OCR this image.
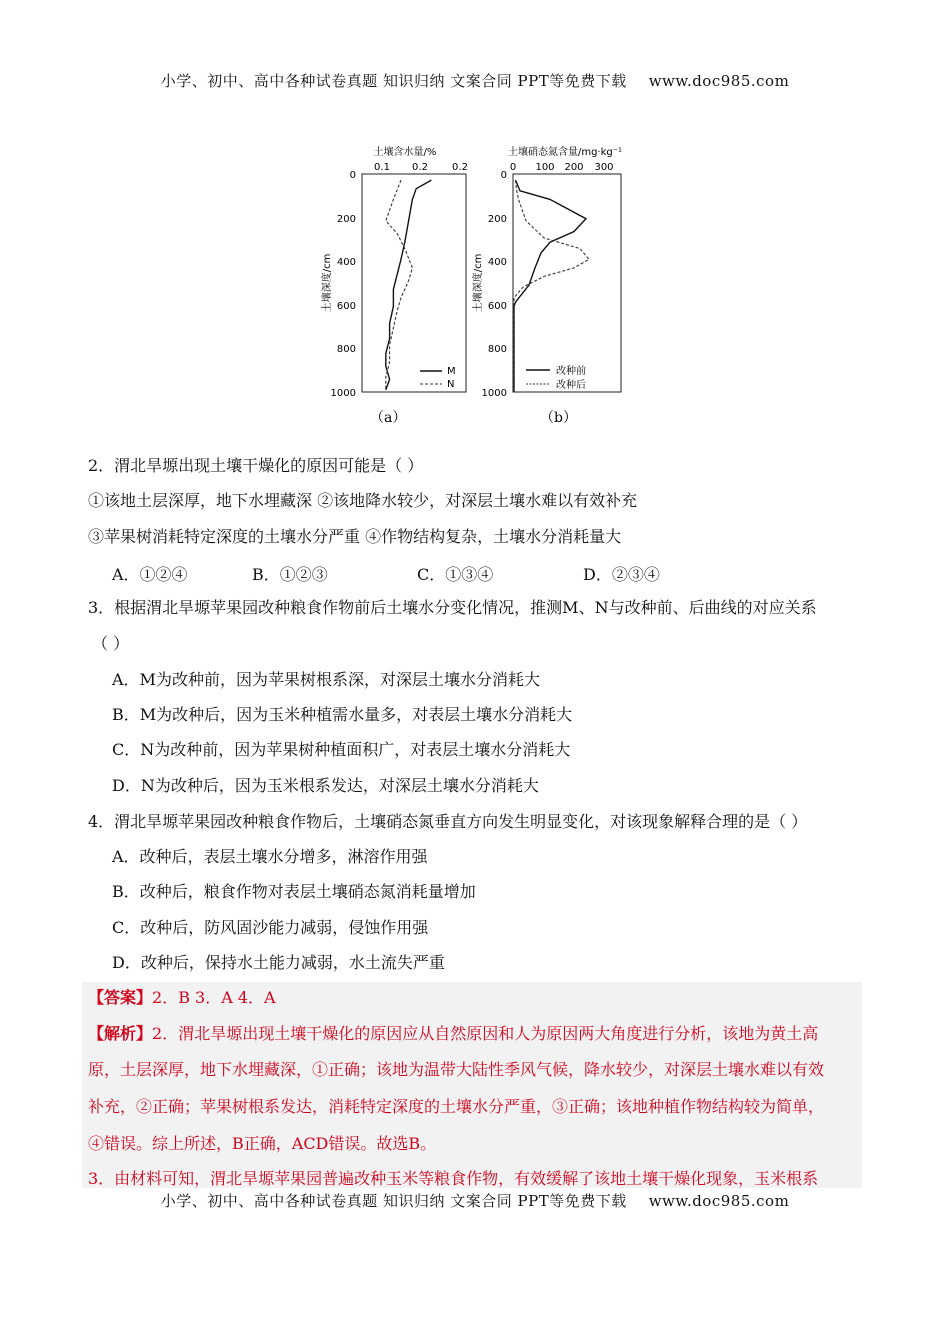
小学、初中、高中各种试卷真题 知识归纳 文案合同 PPT等免费下载 www.doc985.com
土壤含水量/%
0.1 0.2 0.2
0
200
400
600
800
1000
土壤深度/cm
M
N
（a）
土壤硝态氮含量/mg·kg⁻¹
0 100 200 300
0
200
400
600
800
1000
土壤深度/cm
改种前
改种后
（b）
2．渭北旱塬出现土壤干燥化的原因可能是（ ）
①该地土层深厚，地下水埋藏深 ②该地降水较少，对深层土壤水难以有效补充
③苹果树消耗特定深度的土壤水分严重 ④作物结构复杂，土壤水分消耗量大
A．①②④	B．①②③	C．①③④	D．②③④
3．根据渭北旱塬苹果园改种粮食作物前后土壤水分变化情况，推测M、N与改种前、后曲线的对应关系
（ ）
A．M为改种前，因为苹果树根系深，对深层土壤水分消耗大
B．M为改种后，因为玉米种植需水量多，对表层土壤水分消耗大
C．N为改种前，因为苹果树种植面积广，对表层土壤水分消耗大
D．N为改种后，因为玉米根系发达，对深层土壤水分消耗大
4．渭北旱塬苹果园改种粮食作物后，土壤硝态氮垂直方向发生明显变化，对该现象解释合理的是（ ）
A．改种后，表层土壤水分增多，淋溶作用强
B．改种后，粮食作物对表层土壤硝态氮消耗量增加
C．改种后，防风固沙能力减弱，侵蚀作用强
D．改种后，保持水土能力减弱，水土流失严重
【答案】2．B 3．A 4．A
【解析】2．渭北旱塬出现土壤干燥化的原因应从自然原因和人为原因两大角度进行分析，该地为黄土高
原，土层深厚，地下水埋藏深，①正确；该地为温带大陆性季风气候，降水较少，对深层土壤水难以有效
补充，②正确；苹果树根系发达，消耗特定深度的土壤水分严重，③正确；该地种植作物结构较为简单，
④错误。综上所述，B正确，ACD错误。故选B。
3．由材料可知，渭北旱塬苹果园普遍改种玉米等粮食作物，有效缓解了该地土壤干燥化现象，玉米根系
小学、初中、高中各种试卷真题 知识归纳 文案合同 PPT等免费下载 www.doc985.com
